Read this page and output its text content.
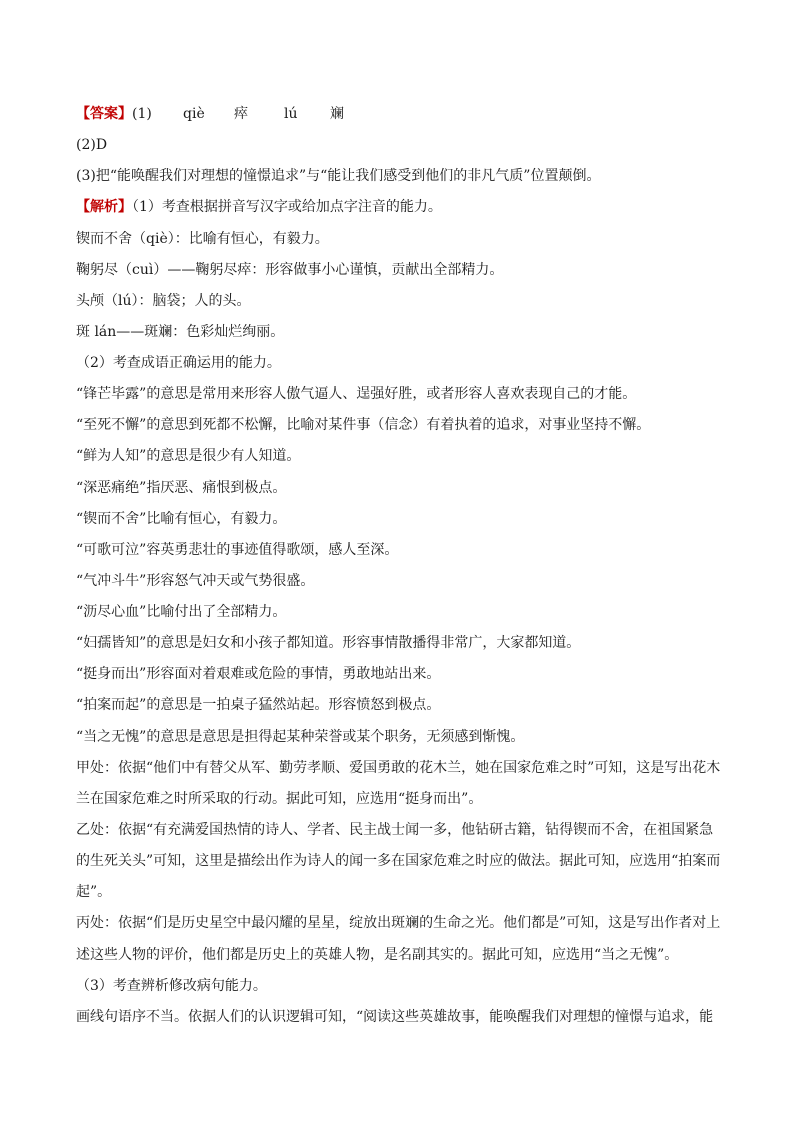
【答案】(1) qiè 瘁	lú 斓
(2)D
(3)把“能唤醒我们对理想的憧憬追求”与“能让我们感受到他们的非凡气质”位置颠倒。
【解析】（1）考查根据拼音写汉字或给加点字注音的能力。
锲而不舍（qiè）：比喻有恒心，有毅力。
鞠躬尽（cuì）——鞠躬尽瘁：形容做事小心谨慎，贡献出全部精力。
头颅（lú）：脑袋；人的头。
斑 lán——斑斓：色彩灿烂绚丽。
（2）考查成语正确运用的能力。
“锋芒毕露”的意思是常用来形容人傲气逼人、逞强好胜，或者形容人喜欢表现自己的才能。
“至死不懈”的意思到死都不松懈，比喻对某件事（信念）有着执着的追求，对事业坚持不懈。
“鲜为人知”的意思是很少有人知道。
“深恶痛绝”指厌恶、痛恨到极点。
“锲而不舍”比喻有恒心，有毅力。
“可歌可泣”容英勇悲壮的事迹值得歌颂，感人至深。
“气冲斗牛”形容怒气冲天或气势很盛。
“沥尽心血”比喻付出了全部精力。
“妇孺皆知”的意思是妇女和小孩子都知道。形容事情散播得非常广，大家都知道。
“挺身而出”形容面对着艰难或危险的事情，勇敢地站出来。
“拍案而起”的意思是一拍桌子猛然站起。形容愤怒到极点。
“当之无愧”的意思是意思是担得起某种荣誉或某个职务，无须感到惭愧。
甲处：依据“他们中有替父从军、勤劳孝顺、爱国勇敢的花木兰，她在国家危难之时”可知，这是写出花木
兰在国家危难之时所采取的行动。据此可知，应选用“挺身而出”。
乙处：依据“有充满爱国热情的诗人、学者、民主战士闻一多，他钻研古籍，钻得锲而不舍，在祖国紧急
的生死关头”可知，这里是描绘出作为诗人的闻一多在国家危难之时应的做法。据此可知，应选用“拍案而
起”。
丙处：依据“们是历史星空中最闪耀的星星，绽放出斑斓的生命之光。他们都是”可知，这是写出作者对上
述这些人物的评价，他们都是历史上的英雄人物，是名副其实的。据此可知，应选用“当之无愧”。
（3）考查辨析修改病句能力。
画线句语序不当。依据人们的认识逻辑可知，“阅读这些英雄故事，能唤醒我们对理想的憧憬与追求，能
